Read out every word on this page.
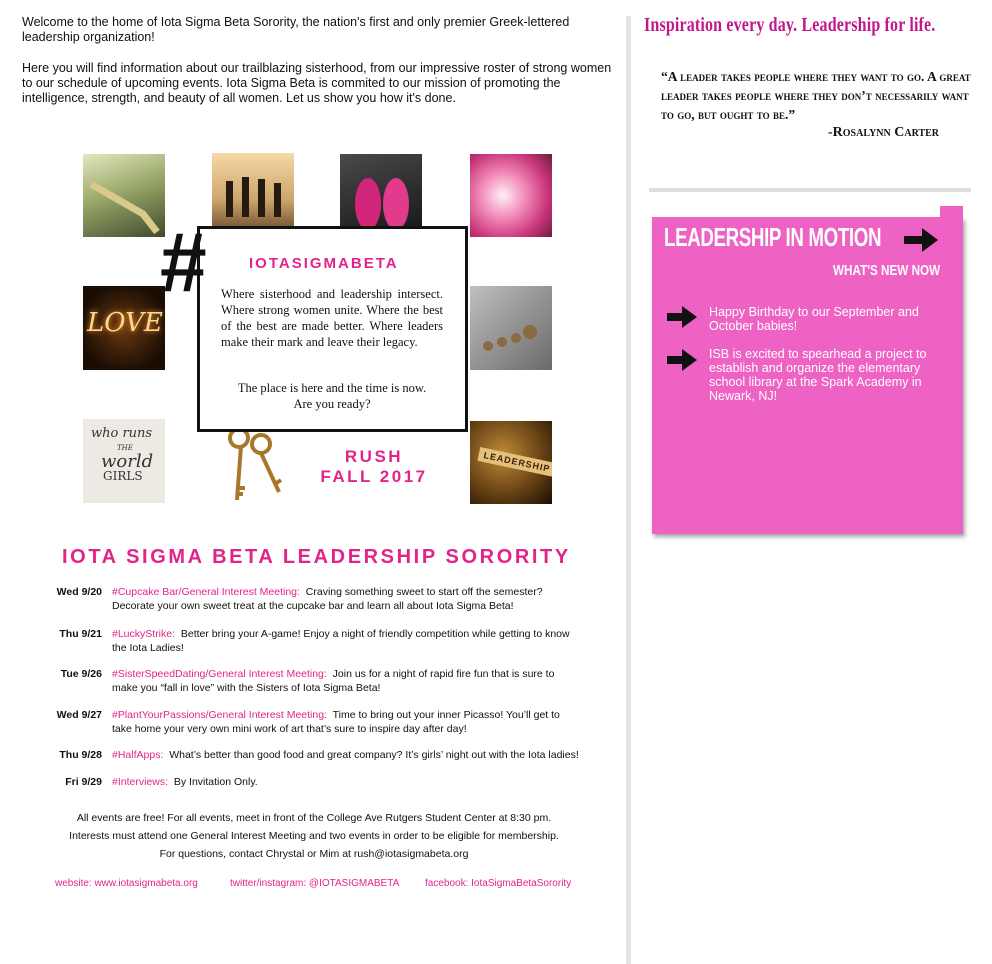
Welcome to the home of Iota Sigma Beta Sorority, the nation's first and only premier Greek-lettered leadership organization!

Here you will find information about our trailblazing sisterhood, from our impressive roster of strong women to our schedule of upcoming events. Iota Sigma Beta is commited to our mission of promoting the intelligence, strength, and beauty of all women. Let us show you how it's done.

LOVE
who runs
THE
world
GIRLS
LEADERSHIP
#	IOTASIGMABETA
Where sisterhood and leadership intersect. Where strong women unite. Where the best of the best are made better. Where leaders make their mark and leave their legacy.
The place is here and the time is now.
Are you ready?
RUSH
FALL 2017
IOTA SIGMA BETA LEADERSHIP SORORITY
Wed 9/20 #Cupcake Bar/General Interest Meeting: Craving something sweet to start off the semester? Decorate your own sweet treat at the cupcake bar and learn all about Iota Sigma Beta!
Thu 9/21 #LuckyStrike: Better bring your A-game! Enjoy a night of friendly competition while getting to know the Iota Ladies!
Tue 9/26 #SisterSpeedDating/General Interest Meeting: Join us for a night of rapid fire fun that is sure to make you “fall in love” with the Sisters of Iota Sigma Beta!
Wed 9/27 #PlantYourPassions/General Interest Meeting: Time to bring out your inner Picasso! You’ll get to take home your very own mini work of art that’s sure to inspire day after day!
Thu 9/28 #HalfApps: What’s better than good food and great company? It’s girls’ night out with the Iota ladies!
Fri 9/29 #Interviews: By Invitation Only.
All events are free! For all events, meet in front of the College Ave Rutgers Student Center at 8:30 pm.
Interests must attend one General Interest Meeting and two events in order to be eligible for membership.
For questions, contact Chrystal or Mim at rush@iotasigmabeta.org
website: www.iotasigmabeta.org	twitter/instagram: @IOTASIGMABETA	facebook: IotaSigmaBetaSorority
Inspiration every day. Leadership for life.
“A leader takes people where they want to go. A great leader takes people where they don’t necessarily want to go, but ought to be.”
-Rosalynn Carter
LEADERSHIP IN MOTION
WHAT'S NEW NOW
Happy Birthday to our September and October babies!
ISB is excited to spearhead a project to establish and organize the elementary school library at the Spark Academy in Newark, NJ!
